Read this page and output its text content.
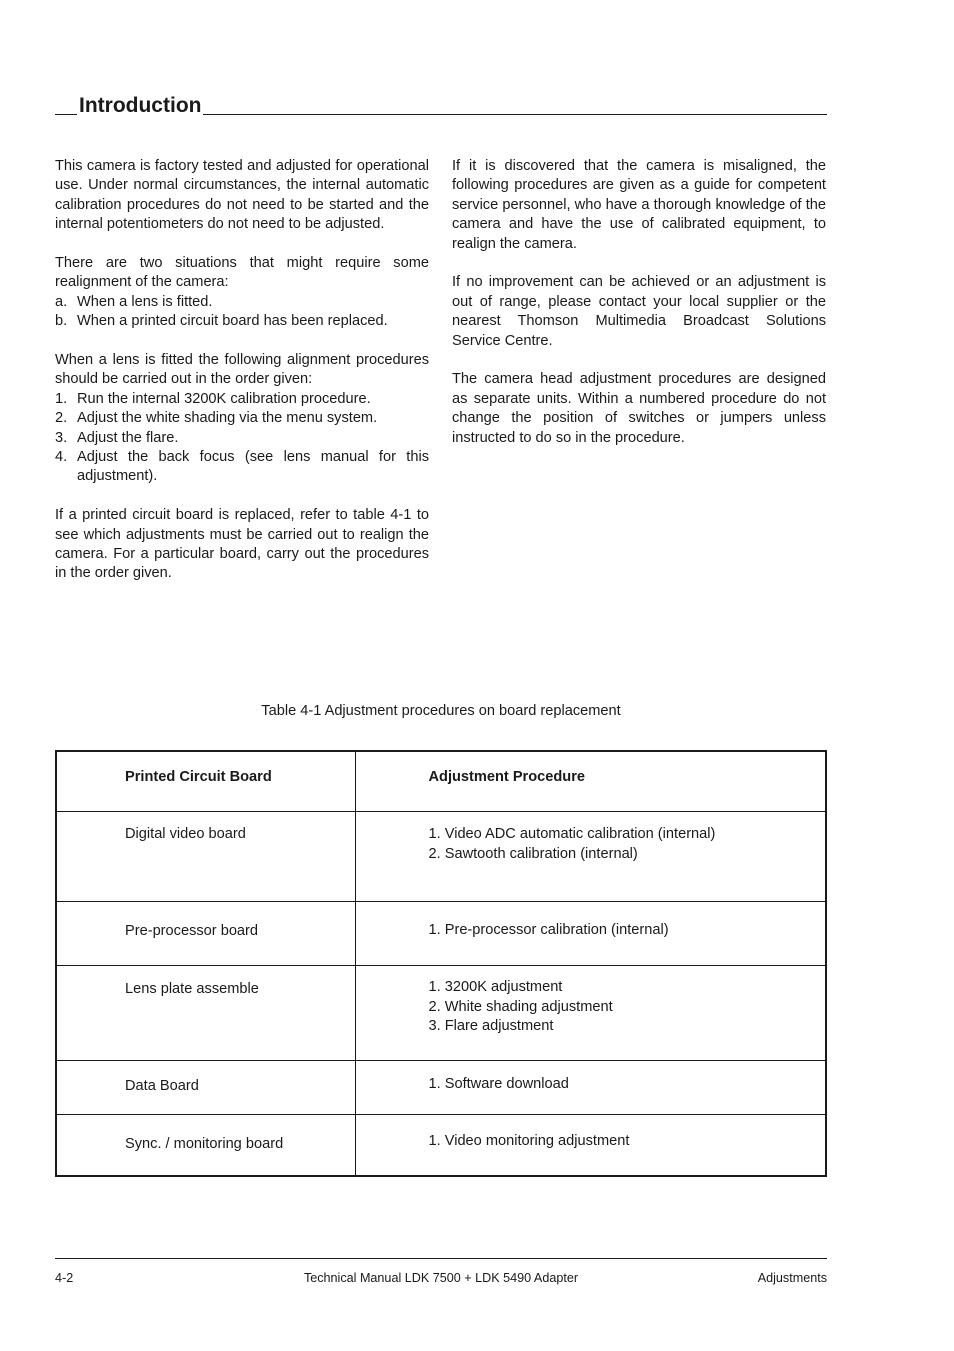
Introduction

This camera is factory tested and adjusted for operational use. Under normal circumstances, the internal automatic calibration procedures do not need to be started and the internal potentiometers do not need to be adjusted.

There are two situations that might require some realignment of the camera:

a. When a lens is fitted.
b. When a printed circuit board has been replaced.

When a lens is fitted the following alignment procedures should be carried out in the order given:

1. Run the internal 3200K calibration procedure.
2. Adjust the white shading via the menu system.
3. Adjust the flare.
4. Adjust the back focus (see lens manual for this adjustment).

If a printed circuit board is replaced, refer to table 4-1 to see which adjustments must be carried out to realign the camera. For a particular board, carry out the procedures in the order given.

If it is discovered that the camera is misaligned, the following procedures are given as a guide for competent service personnel, who have a thorough knowledge of the camera and have the use of calibrated equipment, to realign the camera.

If no improvement can be achieved or an adjustment is out of range, please contact your local supplier or the nearest Thomson Multimedia Broadcast Solutions Service Centre.

The camera head adjustment procedures are designed as separate units. Within a numbered procedure do not change the position of switches or jumpers unless instructed to do so in the procedure.

Table 4-1 Adjustment procedures on board replacement
Printed Circuit Board	Adjustment Procedure

Digital video board	1. Video ADC automatic calibration (internal)
2. Sawtooth calibration (internal)

Pre-processor board	1. Pre-processor calibration (internal)

Lens plate assemble	1. 3200K adjustment
2. White shading adjustment
3. Flare adjustment

Data Board	1. Software download

Sync. / monitoring board	1. Video monitoring adjustment
Technical Manual LDK 7500 + LDK 5490 Adapter
4-2	Adjustments
